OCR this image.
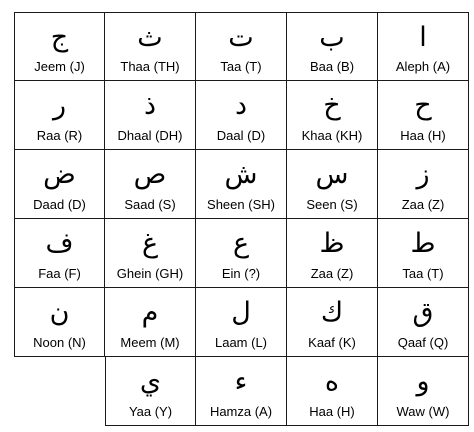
ج
Jeem (J)
ث
Thaa (TH)
ت
Taa (T)
ب
Baa (B)
ا
Aleph (A)
ر
Raa (R)
ذ
Dhaal (DH)
د
Daal (D)
خ
Khaa (KH)
ح
Haa (H)
ض
Daad (D)
ص
Saad (S)
ش
Sheen (SH)
س
Seen (S)
ز
Zaa (Z)
ف
Faa (F)
غ
Ghein (GH)
ع
Ein (?)
ظ
Zaa (Z)
ط
Taa (T)
ن
Noon (N)
م
Meem (M)
ل
Laam (L)
ك
Kaaf (K)
ق
Qaaf (Q)
ي
Yaa (Y)
ء
Hamza (A)
ه
Haa (H)
و
Waw (W)
